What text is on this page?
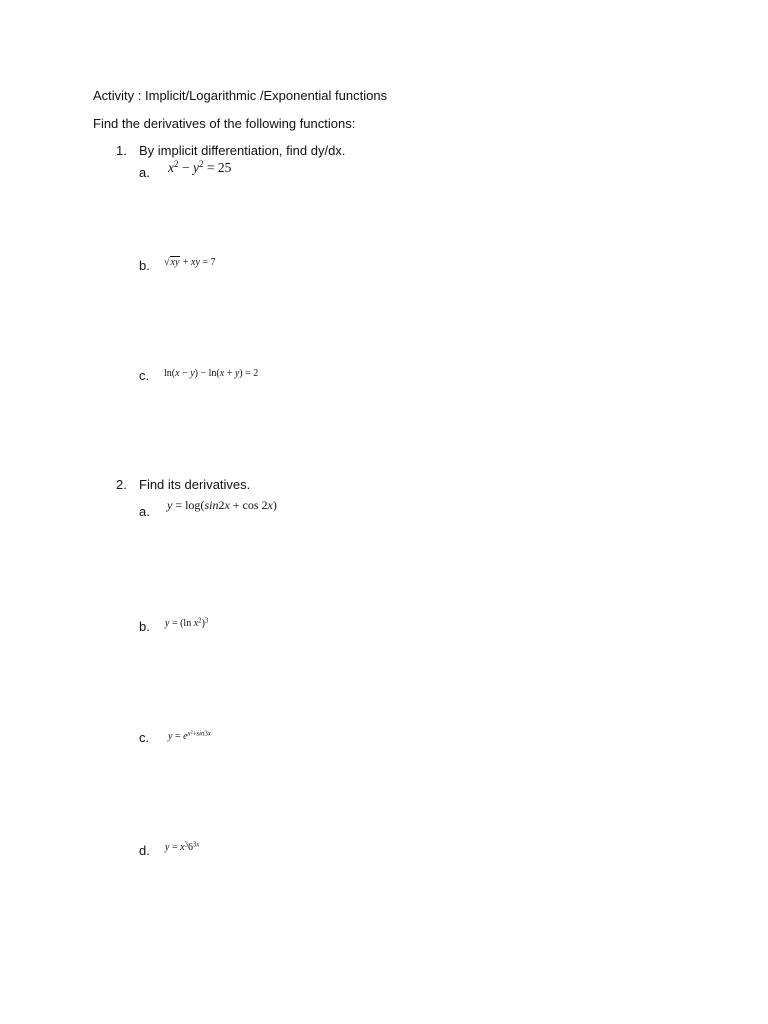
Activity : Implicit/Logarithmic /Exponential functions
Find the derivatives of the following functions:
1. By implicit differentiation, find dy/dx.
a. $x^2 - y^2 = 25$
b. √xy + xy = 7
c. ln(x − y) − ln(x + y) = 2
2. Find its derivatives.
a. y = log(sin2x + cos 2x)
b. y = (ln $x^2)^3$
c. $y = e^{x^2+sin3x}$
d. $y = x^36^{3x}$
